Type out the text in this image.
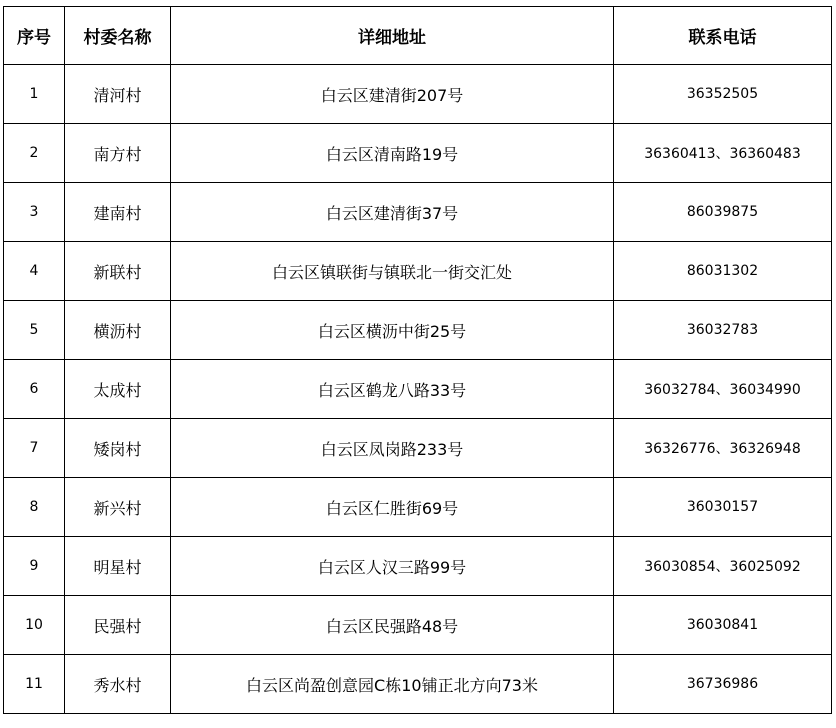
序号	村委名称	详细地址	联系电话
1	清河村	白云区建清街207号	36352505
2	南方村	白云区清南路19号	36360413、36360483
3	建南村	白云区建清街37号	86039875
4	新联村	白云区镇联街与镇联北一街交汇处	86031302
5	横沥村	白云区横沥中街25号	36032783
6	太成村	白云区鹤龙八路33号	36032784、36034990
7	矮岗村	白云区凤岗路233号	36326776、36326948
8	新兴村	白云区仁胜街69号	36030157
9	明星村	白云区人汉三路99号	36030854、36025092
10	民强村	白云区民强路48号	36030841
11	秀水村	白云区尚盈创意园C栋10铺正北方向73米	36736986
